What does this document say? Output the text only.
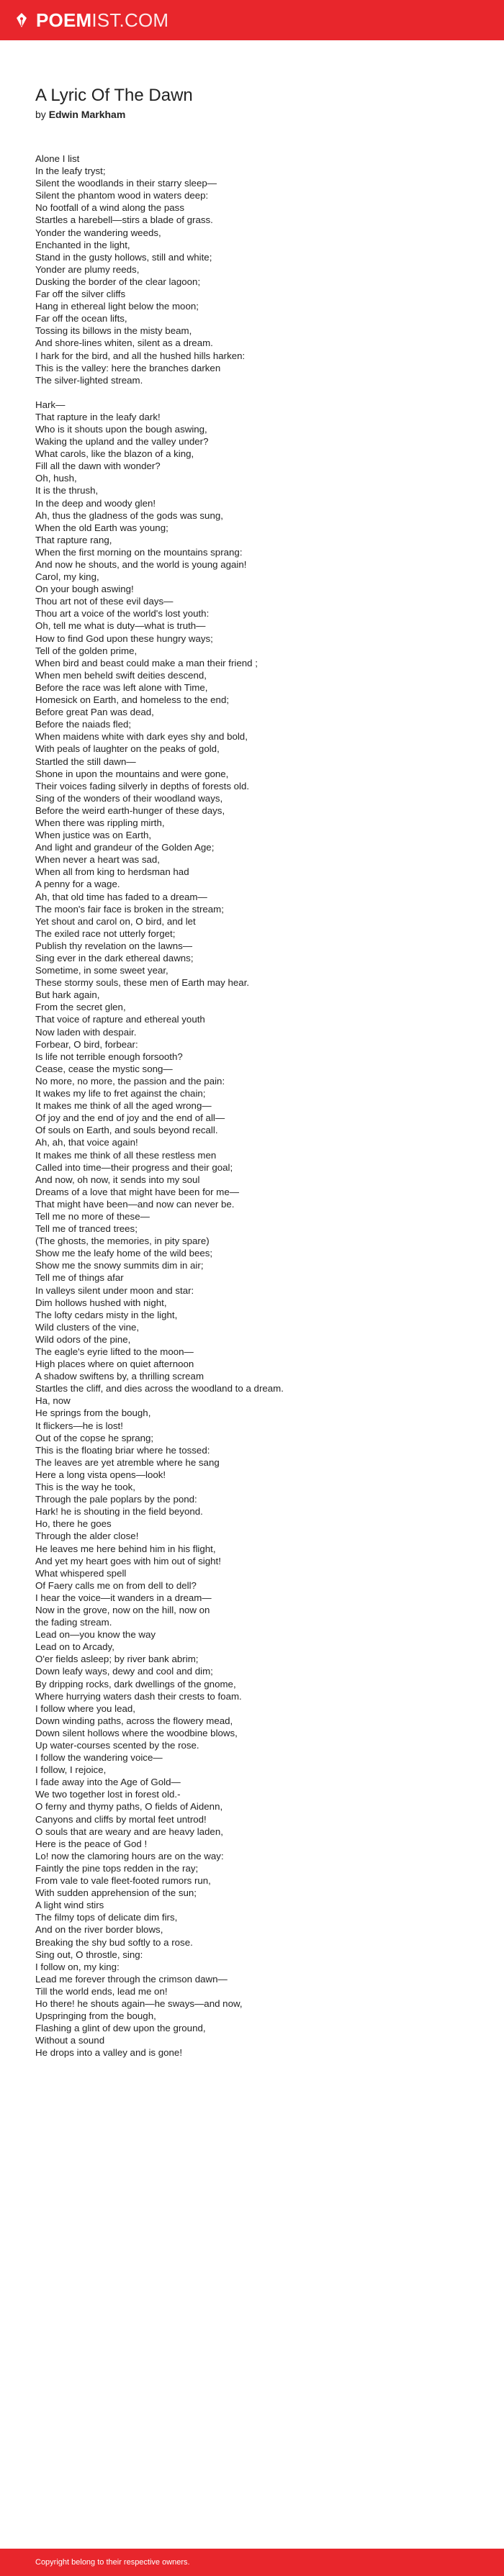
POEM IST.COM
A Lyric Of The Dawn

by Edwin Markham

Alone I list
In the leafy tryst;
Silent the woodlands in their starry sleep—
Silent the phantom wood in waters deep:
No footfall of a wind along the pass
Startles a harebell—stirs a blade of grass.
Yonder the wandering weeds,
Enchanted in the light,
Stand in the gusty hollows, still and white;
Yonder are plumy reeds,
Dusking the border of the clear lagoon;
Far off the silver cliffs
Hang in ethereal light below the moon;
Far off the ocean lifts,
Tossing its billows in the misty beam,
And shore-lines whiten, silent as a dream.
I hark for the bird, and all the hushed hills harken:
This is the valley: here the branches darken
The silver-lighted stream.
Hark—
That rapture in the leafy dark!
Who is it shouts upon the bough aswing,
Waking the upland and the valley under?
What carols, like the blazon of a king,
Fill all the dawn with wonder?
Oh, hush,
It is the thrush,
In the deep and woody glen!
Ah, thus the gladness of the gods was sung,
When the old Earth was young;
That rapture rang,
When the first morning on the mountains sprang:
And now he shouts, and the world is young again!
Carol, my king,
On your bough aswing!
Thou art not of these evil days—
Thou art a voice of the world's lost youth:
Oh, tell me what is duty—what is truth—
How to find God upon these hungry ways;
Tell of the golden prime,
When bird and beast could make a man their friend ;
When men beheld swift deities descend,
Before the race was left alone with Time,
Homesick on Earth, and homeless to the end;
Before great Pan was dead,
Before the naiads fled;
When maidens white with dark eyes shy and bold,
With peals of laughter on the peaks of gold,
Startled the still dawn—
Shone in upon the mountains and were gone,
Their voices fading silverly in depths of forests old.
Sing of the wonders of their woodland ways,
Before the weird earth-hunger of these days,
When there was rippling mirth,
When justice was on Earth,
And light and grandeur of the Golden Age;
When never a heart was sad,
When all from king to herdsman had
A penny for a wage.
Ah, that old time has faded to a dream—
The moon's fair face is broken in the stream;
Yet shout and carol on, O bird, and let
The exiled race not utterly forget;
Publish thy revelation on the lawns—
Sing ever in the dark ethereal dawns;
Sometime, in some sweet year,
These stormy souls, these men of Earth may hear.
But hark again,
From the secret glen,
That voice of rapture and ethereal youth
Now laden with despair.
Forbear, O bird, forbear:
Is life not terrible enough forsooth?
Cease, cease the mystic song—
No more, no more, the passion and the pain:
It wakes my life to fret against the chain;
It makes me think of all the aged wrong—
Of joy and the end of joy and the end of all—
Of souls on Earth, and souls beyond recall.
Ah, ah, that voice again!
It makes me think of all these restless men
Called into time—their progress and their goal;
And now, oh now, it sends into my soul
Dreams of a love that might have been for me—
That might have been—and now can never be.
Tell me no more of these—
Tell me of tranced trees;
(The ghosts, the memories, in pity spare)
Show me the leafy home of the wild bees;
Show me the snowy summits dim in air;
Tell me of things afar
In valleys silent under moon and star:
Dim hollows hushed with night,
The lofty cedars misty in the light,
Wild clusters of the vine,
Wild odors of the pine,
The eagle's eyrie lifted to the moon—
High places where on quiet afternoon
A shadow swiftens by, a thrilling scream
Startles the cliff, and dies across the woodland to a dream.
Ha, now
He springs from the bough,
It flickers—he is lost!
Out of the copse he sprang;
This is the floating briar where he tossed:
The leaves are yet atremble where he sang
Here a long vista opens—look!
This is the way he took,
Through the pale poplars by the pond:
Hark! he is shouting in the field beyond.
Ho, there he goes
Through the alder close!
He leaves me here behind him in his flight,
And yet my heart goes with him out of sight!
What whispered spell
Of Faery calls me on from dell to dell?
I hear the voice—it wanders in a dream—
Now in the grove, now on the hill, now on
the fading stream.
Lead on—you know the way
Lead on to Arcady,
O'er fields asleep; by river bank abrim;
Down leafy ways, dewy and cool and dim;
By dripping rocks, dark dwellings of the gnome,
Where hurrying waters dash their crests to foam.
I follow where you lead,
Down winding paths, across the flowery mead,
Down silent hollows where the woodbine blows,
Up water-courses scented by the rose.
I follow the wandering voice—
I follow, I rejoice,
I fade away into the Age of Gold—
We two together lost in forest old.-
O ferny and thymy paths, O fields of Aidenn,
Canyons and cliffs by mortal feet untrod!
O souls that are weary and are heavy laden,
Here is the peace of God !
Lo! now the clamoring hours are on the way:
Faintly the pine tops redden in the ray;
From vale to vale fleet-footed rumors run,
With sudden apprehension of the sun;
A light wind stirs
The filmy tops of delicate dim firs,
And on the river border blows,
Breaking the shy bud softly to a rose.
Sing out, O throstle, sing:
I follow on, my king:
Lead me forever through the crimson dawn—
Till the world ends, lead me on!
Ho there! he shouts again—he sways—and now,
Upspringing from the bough,
Flashing a glint of dew upon the ground,
Without a sound
He drops into a valley and is gone!
Copyright belong to their respective owners.
